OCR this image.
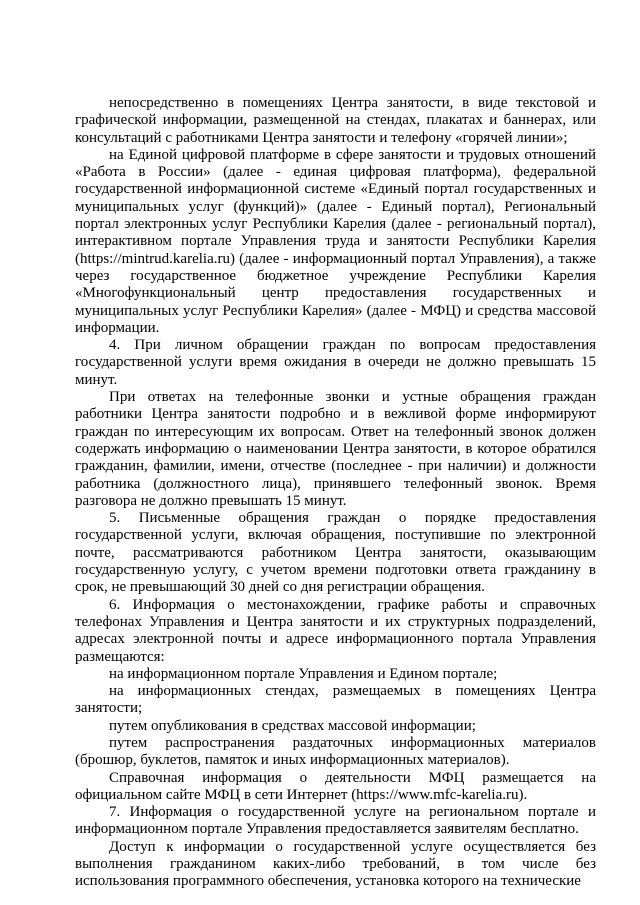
непосредственно в помещениях Центра занятости, в виде текстовой и графической информации, размещенной на стендах, плакатах и баннерах, или консультаций с работниками Центра занятости и телефону «горячей линии»;

на Единой цифровой платформе в сфере занятости и трудовых отношений «Работа в России» (далее - единая цифровая платформа), федеральной государственной информационной системе «Единый портал государственных и муниципальных услуг (функций)» (далее - Единый портал), Региональный портал электронных услуг Республики Карелия (далее - региональный портал), интерактивном портале Управления труда и занятости Республики Карелия (https://mintrud.karelia.ru) (далее - информационный портал Управления), а также через государственное бюджетное учреждение Республики Карелия «Многофункциональный центр предоставления государственных и муниципальных услуг Республики Карелия» (далее - МФЦ) и средства массовой информации.

4. При личном обращении граждан по вопросам предоставления государственной услуги время ожидания в очереди не должно превышать 15 минут.

При ответах на телефонные звонки и устные обращения граждан работники Центра занятости подробно и в вежливой форме информируют граждан по интересующим их вопросам. Ответ на телефонный звонок должен содержать информацию о наименовании Центра занятости, в которое обратился гражданин, фамилии, имени, отчестве (последнее - при наличии) и должности работника (должностного лица), принявшего телефонный звонок. Время разговора не должно превышать 15 минут.

5. Письменные обращения граждан о порядке предоставления государственной услуги, включая обращения, поступившие по электронной почте, рассматриваются работником Центра занятости, оказывающим государственную услугу, с учетом времени подготовки ответа гражданину в срок, не превышающий 30 дней со дня регистрации обращения.

6. Информация о местонахождении, графике работы и справочных телефонах Управления и Центра занятости и их структурных подразделений, адресах электронной почты и адресе информационного портала Управления размещаются:

на информационном портале Управления и Едином портале;

на информационных стендах, размещаемых в помещениях Центра занятости;

путем опубликования в средствах массовой информации;

путем распространения раздаточных информационных материалов (брошюр, буклетов, памяток и иных информационных материалов).

Справочная информация о деятельности МФЦ размещается на официальном сайте МФЦ в сети Интернет (https://www.mfc-karelia.ru).

7. Информация о государственной услуге на региональном портале и информационном портале Управления предоставляется заявителям бесплатно.

Доступ к информации о государственной услуге осуществляется без выполнения гражданином каких-либо требований, в том числе без использования программного обеспечения, установка которого на технические
